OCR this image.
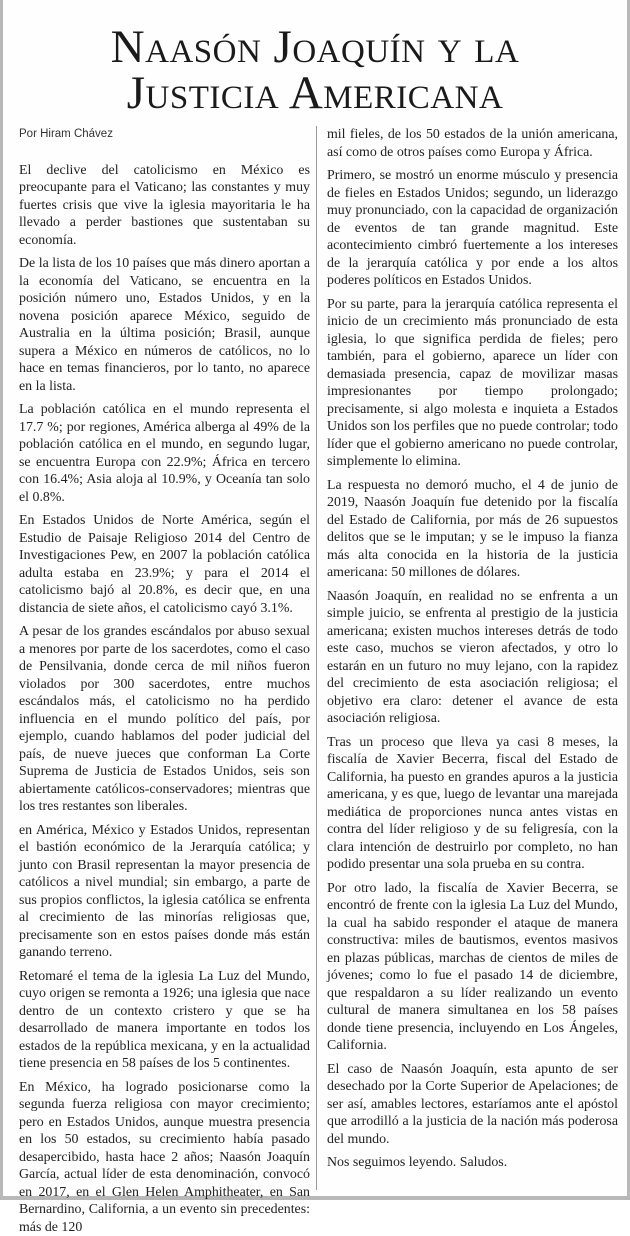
Naasón Joaquín y la
Justicia Americana

Por Hiram Chávez

El declive del catolicismo en México es preocupante para el Vaticano; las constantes y muy fuertes crisis que vive la iglesia mayoritaria le ha llevado a perder bastiones que sustentaban su economía.

De la lista de los 10 países que más dinero aportan a la economía del Vaticano, se encuentra en la posición número uno, Estados Unidos, y en la novena posición aparece México, seguido de Australia en la última posición; Brasil, aunque supera a México en números de católicos, no lo hace en temas financieros, por lo tanto, no aparece en la lista.

La población católica en el mundo representa el 17.7 %; por regiones, América alberga al 49% de la población católica en el mundo, en segundo lugar, se encuentra Europa con 22.9%; África en tercero con 16.4%; Asia aloja al 10.9%, y Oceanía tan solo el 0.8%.

En Estados Unidos de Norte América, según el Estudio de Paisaje Religioso 2014 del Centro de Investigaciones Pew, en 2007 la población católica adulta estaba en 23.9%; y para el 2014 el catolicismo bajó al 20.8%, es decir que, en una distancia de siete años, el catolicismo cayó 3.1%.

A pesar de los grandes escándalos por abuso sexual a menores por parte de los sacerdotes, como el caso de Pensilvania, donde cerca de mil niños fueron violados por 300 sacerdotes, entre muchos escándalos más, el catolicismo no ha perdido influencia en el mundo político del país, por ejemplo, cuando hablamos del poder judicial del país, de nueve jueces que conforman La Corte Suprema de Justicia de Estados Unidos, seis son abiertamente católicos-conservadores; mientras que los tres restantes son liberales.

en América, México y Estados Unidos, representan el bastión económico de la Jerarquía católica; y junto con Brasil representan la mayor presencia de católicos a nivel mundial; sin embargo, a parte de sus propios conflictos, la iglesia católica se enfrenta al crecimiento de las minorías religiosas que, precisamente son en estos países donde más están ganando terreno.

Retomaré el tema de la iglesia La Luz del Mundo, cuyo origen se remonta a 1926; una iglesia que nace dentro de un contexto cristero y que se ha desarrollado de manera importante en todos los estados de la república mexicana, y en la actualidad tiene presencia en 58 países de los 5 continentes.

En México, ha logrado posicionarse como la segunda fuerza religiosa con mayor crecimiento; pero en Estados Unidos, aunque muestra presencia en los 50 estados, su crecimiento había pasado desapercibido, hasta hace 2 años; Naasón Joaquín García, actual líder de esta denominación, convocó en 2017, en el Glen Helen Amphitheater, en San Bernardino, California, a un evento sin precedentes: más de 120

mil fieles, de los 50 estados de la unión americana, así como de otros países como Europa y África.

Primero, se mostró un enorme músculo y presencia de fieles en Estados Unidos; segundo, un liderazgo muy pronunciado, con la capacidad de organización de eventos de tan grande magnitud. Este acontecimiento cimbró fuertemente a los intereses de la jerarquía católica y por ende a los altos poderes políticos en Estados Unidos.

Por su parte, para la jerarquía católica representa el inicio de un crecimiento más pronunciado de esta iglesia, lo que significa perdida de fieles; pero también, para el gobierno, aparece un líder con demasiada presencia, capaz de movilizar masas impresionantes por tiempo prolongado; precisamente, si algo molesta e inquieta a Estados Unidos son los perfiles que no puede controlar; todo líder que el gobierno americano no puede controlar, simplemente lo elimina.

La respuesta no demoró mucho, el 4 de junio de 2019, Naasón Joaquín fue detenido por la fiscalía del Estado de California, por más de 26 supuestos delitos que se le imputan; y se le impuso la fianza más alta conocida en la historia de la justicia americana: 50 millones de dólares.

Naasón Joaquín, en realidad no se enfrenta a un simple juicio, se enfrenta al prestigio de la justicia americana; existen muchos intereses detrás de todo este caso, muchos se vieron afectados, y otro lo estarán en un futuro no muy lejano, con la rapidez del crecimiento de esta asociación religiosa; el objetivo era claro: detener el avance de esta asociación religiosa.

Tras un proceso que lleva ya casi 8 meses, la fiscalía de Xavier Becerra, fiscal del Estado de California, ha puesto en grandes apuros a la justicia americana, y es que, luego de levantar una marejada mediática de proporciones nunca antes vistas en contra del líder religioso y de su feligresía, con la clara intención de destruirlo por completo, no han podido presentar una sola prueba en su contra.

Por otro lado, la fiscalía de Xavier Becerra, se encontró de frente con la iglesia La Luz del Mundo, la cual ha sabido responder el ataque de manera constructiva: miles de bautismos, eventos masivos en plazas públicas, marchas de cientos de miles de jóvenes; como lo fue el pasado 14 de diciembre, que respaldaron a su líder realizando un evento cultural de manera simultanea en los 58 países donde tiene presencia, incluyendo en Los Ángeles, California.

El caso de Naasón Joaquín, esta apunto de ser desechado por la Corte Superior de Apelaciones; de ser así, amables lectores, estaríamos ante el apóstol que arrodilló a la justicia de la nación más poderosa del mundo.

Nos seguimos leyendo. Saludos.
